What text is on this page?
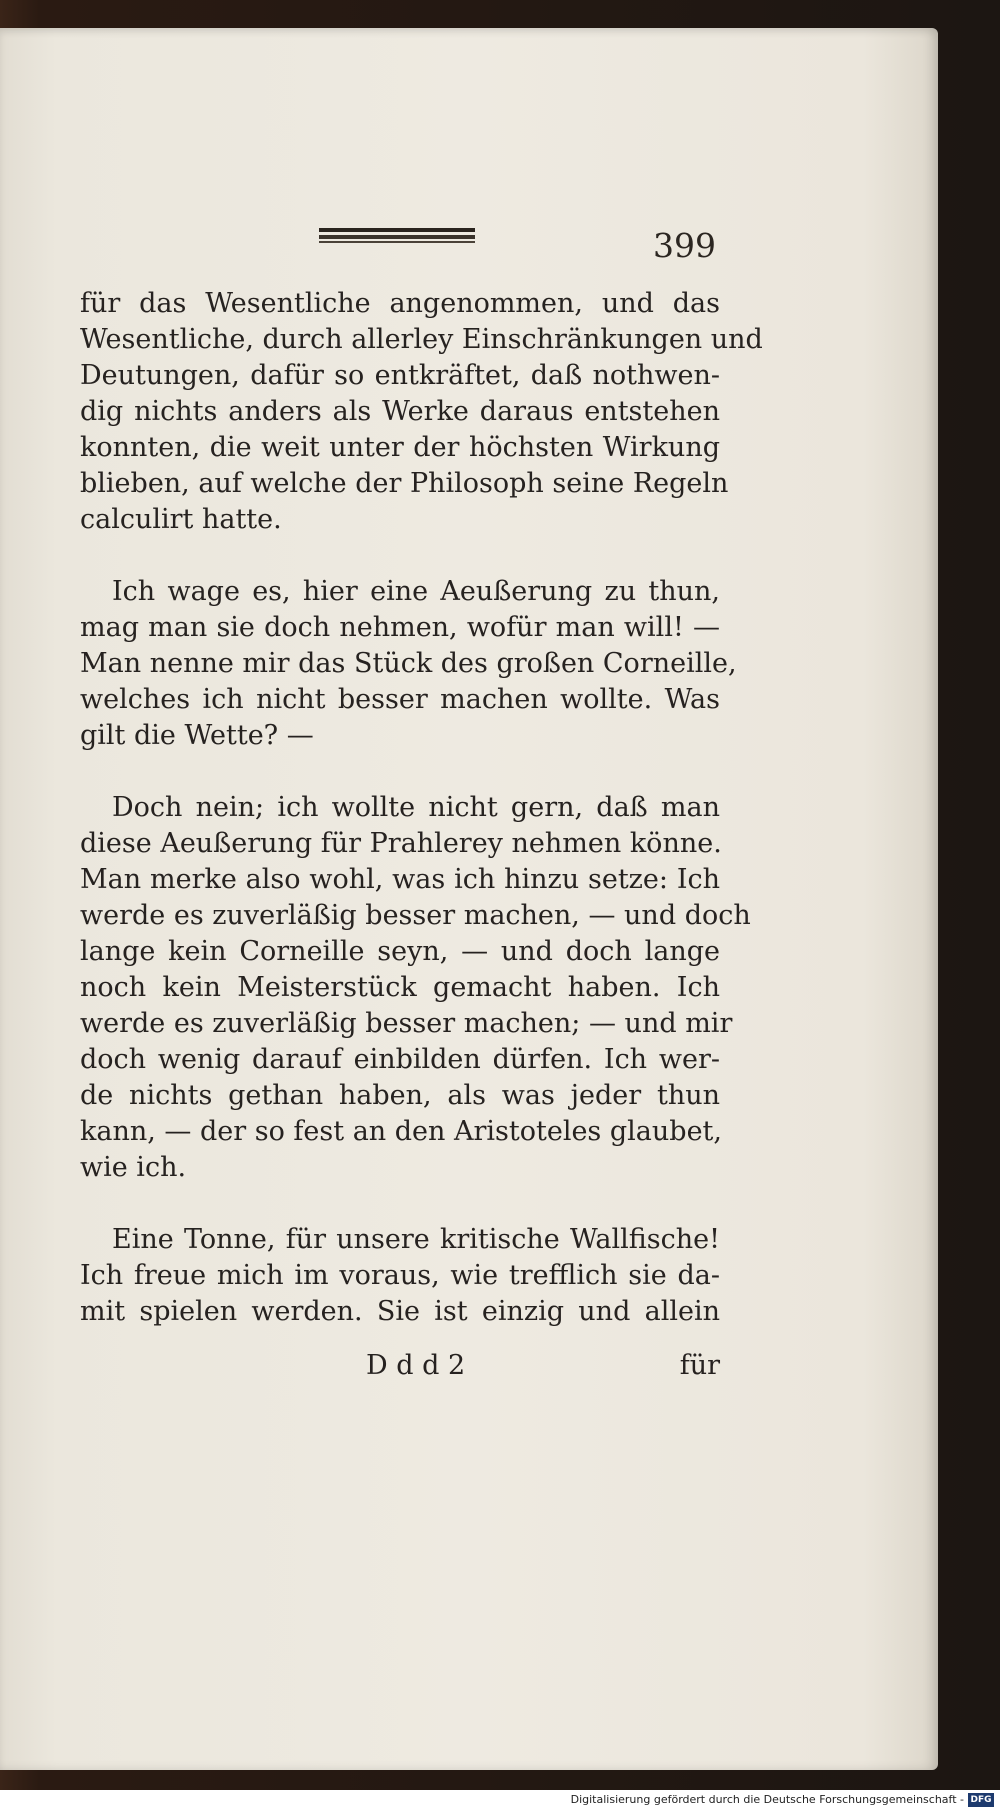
399
für das Wesentliche angenommen, und das
Wesentliche, durch allerley Einschränkungen und
Deutungen, dafür so entkräftet, daß nothwen-
dig nichts anders als Werke daraus entstehen
konnten, die weit unter der höchsten Wirkung
blieben, auf welche der Philosoph seine Regeln
calculirt hatte.
Ich wage es, hier eine Aeußerung zu thun,
mag man sie doch nehmen, wofür man will! —
Man nenne mir das Stück des großen Corneille,
welches ich nicht besser machen wollte. Was
gilt die Wette? —
Doch nein; ich wollte nicht gern, daß man
diese Aeußerung für Prahlerey nehmen könne.
Man merke also wohl, was ich hinzu setze: Ich
werde es zuverläßig besser machen, — und doch
lange kein Corneille seyn, — und doch lange
noch kein Meisterstück gemacht haben. Ich
werde es zuverläßig besser machen; — und mir
doch wenig darauf einbilden dürfen. Ich wer-
de nichts gethan haben, als was jeder thun
kann, — der so fest an den Aristoteles glaubet,
wie ich.
Eine Tonne, für unsere kritische Wallfische!
Ich freue mich im voraus, wie trefflich sie da-
mit spielen werden. Sie ist einzig und allein
D d d 2	für
Digitalisierung gefördert durch die Deutsche Forschungsgemeinschaft - DFG
